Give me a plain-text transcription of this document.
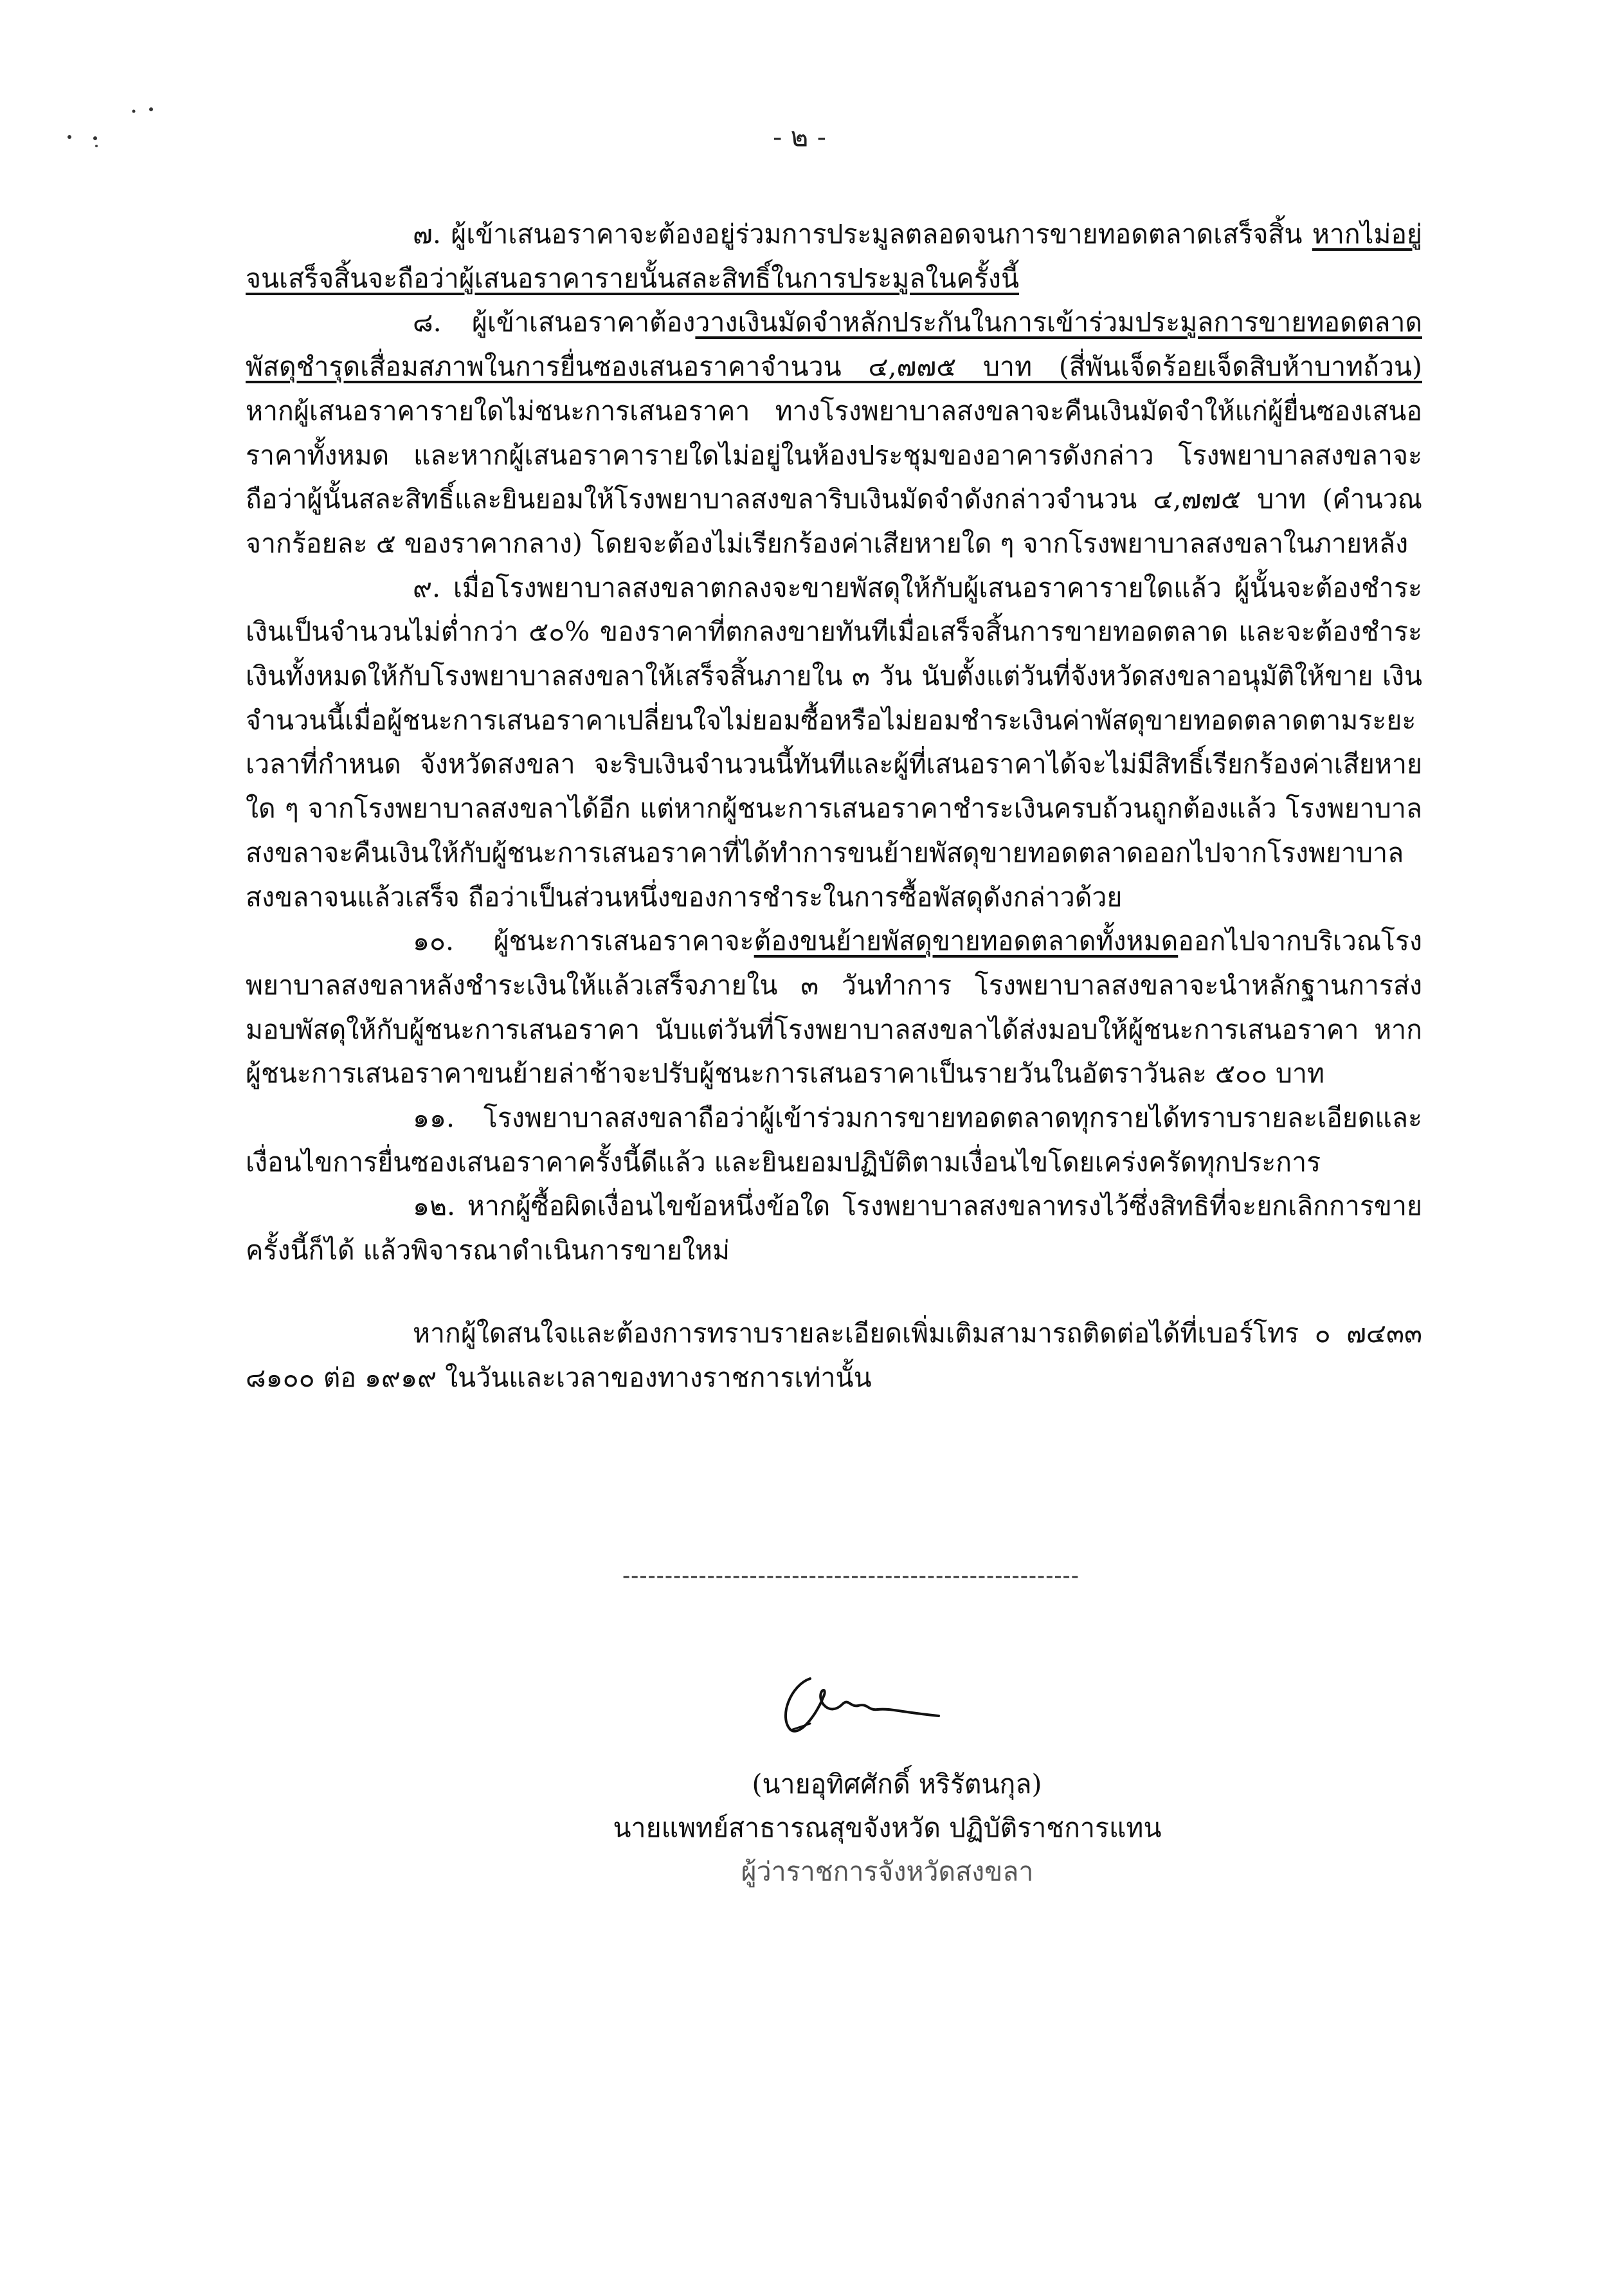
- ๒ -

๗. ผู้เข้าเสนอราคาจะต้องอยู่ร่วมการประมูลตลอดจนการขายทอดตลาดเสร็จสิ้น หากไม่อยู่จนเสร็จสิ้นจะถือว่าผู้เสนอราคารายนั้นสละสิทธิ์ในการประมูลในครั้งนี้

๘. ผู้เข้าเสนอราคาต้องวางเงินมัดจำหลักประกันในการเข้าร่วมประมูลการขายทอดตลาดพัสดุชำรุดเสื่อมสภาพในการยื่นซองเสนอราคาจำนวน ๔,๗๗๕ บาท (สี่พันเจ็ดร้อยเจ็ดสิบห้าบาทถ้วน) หากผู้เสนอราคารายใดไม่ชนะการเสนอราคา ทางโรงพยาบาลสงขลาจะคืนเงินมัดจำให้แก่ผู้ยื่นซองเสนอราคาทั้งหมด และหากผู้เสนอราคารายใดไม่อยู่ในห้องประชุมของอาคารดังกล่าว โรงพยาบาลสงขลาจะถือว่าผู้นั้นสละสิทธิ์และยินยอมให้โรงพยาบาลสงขลาริบเงินมัดจำดังกล่าวจำนวน ๔,๗๗๕ บาท (คำนวณจากร้อยละ ๕ ของราคากลาง) โดยจะต้องไม่เรียกร้องค่าเสียหายใด ๆ จากโรงพยาบาลสงขลาในภายหลัง

๙. เมื่อโรงพยาบาลสงขลาตกลงจะขายพัสดุให้กับผู้เสนอราคารายใดแล้ว ผู้นั้นจะต้องชำระเงินเป็นจำนวนไม่ต่ำกว่า ๕๐% ของราคาที่ตกลงขายทันทีเมื่อเสร็จสิ้นการขายทอดตลาด และจะต้องชำระเงินทั้งหมดให้กับโรงพยาบาลสงขลาให้เสร็จสิ้นภายใน ๓ วัน นับตั้งแต่วันที่จังหวัดสงขลาอนุมัติให้ขาย เงินจำนวนนี้เมื่อผู้ชนะการเสนอราคาเปลี่ยนใจไม่ยอมซื้อหรือไม่ยอมชำระเงินค่าพัสดุขายทอดตลาดตามระยะเวลาที่กำหนด จังหวัดสงขลา จะริบเงินจำนวนนี้ทันทีและผู้ที่เสนอราคาได้จะไม่มีสิทธิ์เรียกร้องค่าเสียหายใด ๆ จากโรงพยาบาลสงขลาได้อีก แต่หากผู้ชนะการเสนอราคาชำระเงินครบถ้วนถูกต้องแล้ว โรงพยาบาลสงขลาจะคืนเงินให้กับผู้ชนะการเสนอราคาที่ได้ทำการขนย้ายพัสดุขายทอดตลาดออกไปจากโรงพยาบาลสงขลาจนแล้วเสร็จ ถือว่าเป็นส่วนหนึ่งของการชำระในการซื้อพัสดุดังกล่าวด้วย

๑๐. ผู้ชนะการเสนอราคาจะต้องขนย้ายพัสดุขายทอดตลาดทั้งหมดออกไปจากบริเวณโรงพยาบาลสงขลาหลังชำระเงินให้แล้วเสร็จภายใน ๓ วันทำการ โรงพยาบาลสงขลาจะนำหลักฐานการส่งมอบพัสดุให้กับผู้ชนะการเสนอราคา นับแต่วันที่โรงพยาบาลสงขลาได้ส่งมอบให้ผู้ชนะการเสนอราคา หากผู้ชนะการเสนอราคาขนย้ายล่าช้าจะปรับผู้ชนะการเสนอราคาเป็นรายวันในอัตราวันละ ๕๐๐ บาท

๑๑. โรงพยาบาลสงขลาถือว่าผู้เข้าร่วมการขายทอดตลาดทุกรายได้ทราบรายละเอียดและเงื่อนไขการยื่นซองเสนอราคาครั้งนี้ดีแล้ว และยินยอมปฏิบัติตามเงื่อนไขโดยเคร่งครัดทุกประการ

๑๒. หากผู้ซื้อผิดเงื่อนไขข้อหนึ่งข้อใด โรงพยาบาลสงขลาทรงไว้ซึ่งสิทธิที่จะยกเลิกการขายครั้งนี้ก็ได้ แล้วพิจารณาดำเนินการขายใหม่

หากผู้ใดสนใจและต้องการทราบรายละเอียดเพิ่มเติมสามารถติดต่อได้ที่เบอร์โทร ๐ ๗๔๓๓ ๘๑๐๐ ต่อ ๑๙๑๙ ในวันและเวลาของทางราชการเท่านั้น

------------------------------------------------------

(นายอุทิศศักดิ์ หริรัตนกุล)

นายแพทย์สาธารณสุขจังหวัด ปฏิบัติราชการแทน

ผู้ว่าราชการจังหวัดสงขลา
